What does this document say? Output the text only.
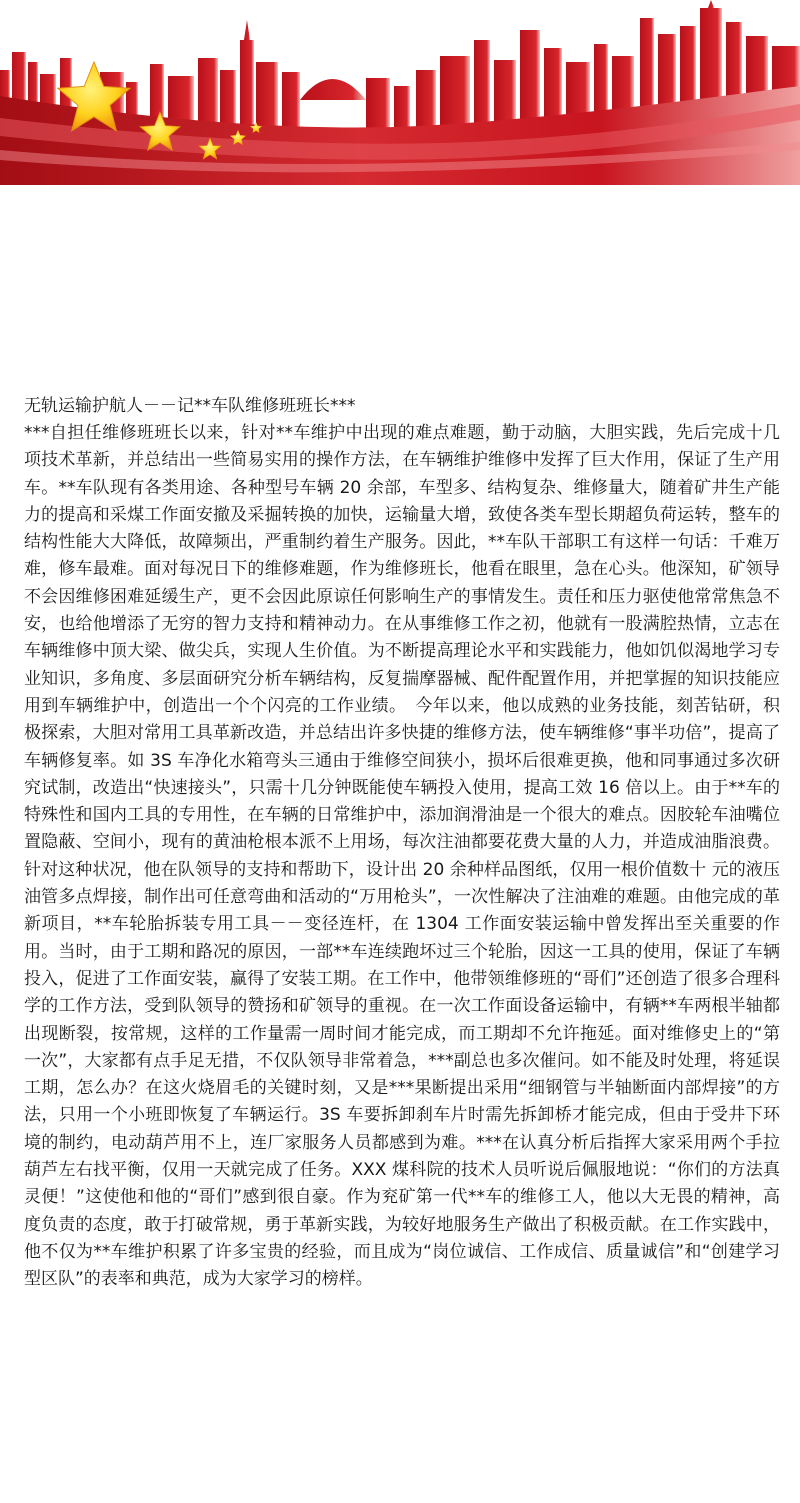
无轨运输护航人－－记**车队维修班班长***

***自担任维修班班长以来，针对**车维护中出现的难点难题，勤于动脑，大胆实践，先后完成十几项技术革新，并总结出一些简易实用的操作方法，在车辆维护维修中发挥了巨大作用，保证了生产用车。**车队现有各类用途、各种型号车辆 20 余部，车型多、结构复杂、维修量大，随着矿井生产能力的提高和采煤工作面安撤及采掘转换的加快，运输量大增，致使各类车型长期超负荷运转，整车的结构性能大大降低，故障频出，严重制约着生产服务。因此，**车队干部职工有这样一句话：千难万难，修车最难。面对每况日下的维修难题，作为维修班长，他看在眼里，急在心头。他深知，矿领导不会因维修困难延缓生产，更不会因此原谅任何影响生产的事情发生。责任和压力驱使他常常焦急不安，也给他增添了无穷的智力支持和精神动力。在从事维修工作之初，他就有一股满腔热情，立志在车辆维修中顶大梁、做尖兵，实现人生价值。为不断提高理论水平和实践能力，他如饥似渴地学习专业知识，多角度、多层面研究分析车辆结构，反复揣摩器械、配件配置作用，并把掌握的知识技能应用到车辆维护中，创造出一个个闪亮的工作业绩。　今年以来，他以成熟的业务技能，刻苦钻研，积极探索，大胆对常用工具革新改造，并总结出许多快捷的维修方法，使车辆维修“事半功倍”，提高了车辆修复率。如 3S 车净化水箱弯头三通由于维修空间狭小，损坏后很难更换，他和同事通过多次研究试制，改造出“快速接头”，只需十几分钟既能使车辆投入使用，提高工效 16 倍以上。由于**车的特殊性和国内工具的专用性，在车辆的日常维护中，添加润滑油是一个很大的难点。因胶轮车油嘴位置隐蔽、空间小，现有的黄油枪根本派不上用场，每次注油都要花费大量的人力，并造成油脂浪费。针对这种状况，他在队领导的支持和帮助下，设计出 20 余种样品图纸，仅用一根价值数十 元的液压油管多点焊接，制作出可任意弯曲和活动的“万用枪头”，一次性解决了注油难的难题。由他完成的革新项目，**车轮胎拆装专用工具－－变径连杆，在 1304 工作面安装运输中曾发挥出至关重要的作用。当时，由于工期和路况的原因，一部**车连续跑坏过三个轮胎，因这一工具的使用，保证了车辆投入，促进了工作面安装，赢得了安装工期。在工作中，他带领维修班的“哥们”还创造了很多合理科学的工作方法，受到队领导的赞扬和矿领导的重视。在一次工作面设备运输中，有辆**车两根半轴都出现断裂，按常规，这样的工作量需一周时间才能完成，而工期却不允许拖延。面对维修史上的“第一次”，大家都有点手足无措，不仅队领导非常着急，***副总也多次催问。如不能及时处理，将延误工期，怎么办？在这火烧眉毛的关键时刻，又是***果断提出采用“细钢管与半轴断面内部焊接”的方法，只用一个小班即恢复了车辆运行。3S 车要拆卸刹车片时需先拆卸桥才能完成，但由于受井下环境的制约，电动葫芦用不上，连厂家服务人员都感到为难。***在认真分析后指挥大家采用两个手拉葫芦左右找平衡，仅用一天就完成了任务。XXX 煤科院的技术人员听说后佩服地说：“你们的方法真灵便！”这使他和他的“哥们”感到很自豪。作为兖矿第一代**车的维修工人，他以大无畏的精神，高度负责的态度，敢于打破常规，勇于革新实践，为较好地服务生产做出了积极贡献。在工作实践中，他不仅为**车维护积累了许多宝贵的经验，而且成为“岗位诚信、工作成信、质量诚信”和“创建学习型区队”的表率和典范，成为大家学习的榜样。
